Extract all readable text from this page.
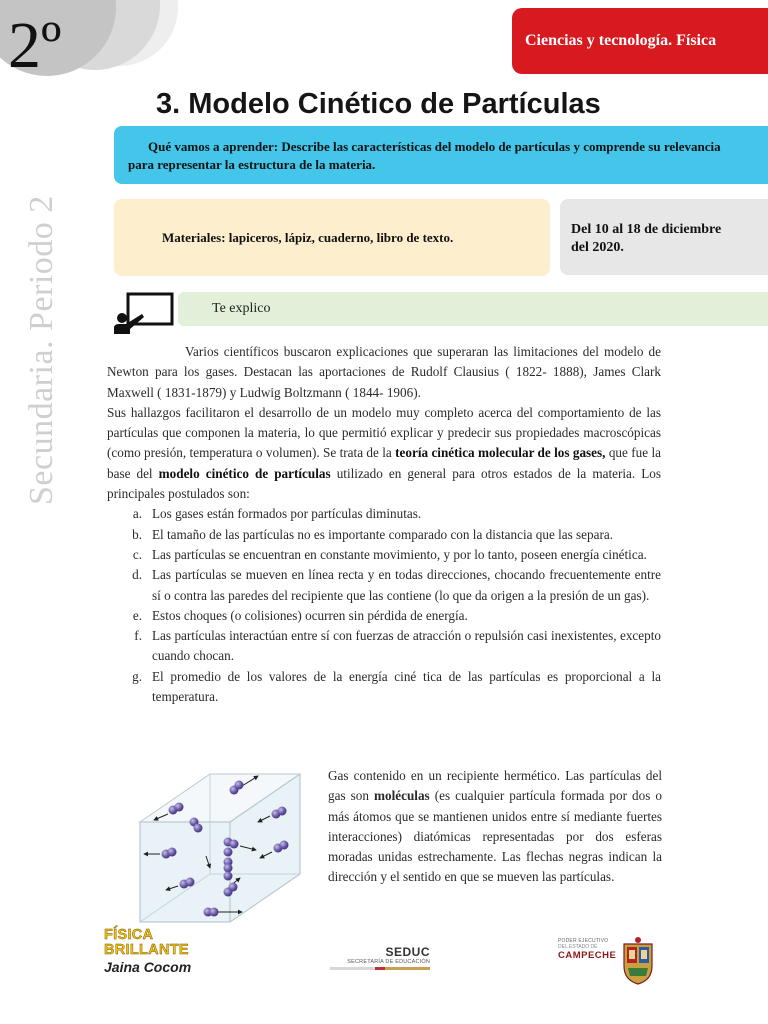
2º	Ciencias y tecnología. Física
Secundaria. Periodo 2
3. Modelo Cinético de Partículas
Qué vamos a aprender: Describe las características del modelo de partículas y comprende su relevancia
para representar la estructura de la materia.
Materiales: lapiceros, lápiz, cuaderno, libro de texto.	Del 10 al 18 de diciembre
del 2020.
Te explico

Varios científicos buscaron explicaciones que superaran las limitaciones del modelo de Newton para los gases. Destacan las aportaciones de Rudolf Clausius ( 1822- 1888), James Clark Maxwell ( 1831-1879) y Ludwig Boltzmann ( 1844- 1906).

Sus hallazgos facilitaron el desarrollo de un modelo muy completo acerca del comportamiento de las partículas que componen la materia, lo que permitió explicar y predecir sus propiedades macroscópicas (como presión, temperatura o volumen). Se trata de la teoría cinética molecular de los gases, que fue la base del modelo cinético de partículas utilizado en general para otros estados de la materia. Los principales postulados son:

a. Los gases están formados por partículas diminutas.
b. El tamaño de las partículas no es importante comparado con la distancia que las separa.
c. Las partículas se encuentran en constante movimiento, y por lo tanto, poseen energía cinética.
d. Las partículas se mueven en línea recta y en todas direcciones, chocando frecuentemente entre sí o contra las paredes del recipiente que las contiene (lo que da origen a la presión de un gas).
e. Estos choques (o colisiones) ocurren sin pérdida de energía.
f. Las partículas interactúan entre sí con fuerzas de atracción o repulsión casi inexistentes, excepto cuando chocan.
g. El promedio de los valores de la energía ciné tica de las partículas es proporcional a la temperatura.
Gas contenido en un recipiente hermético. Las partículas del gas son moléculas (es cualquier partícula formada por dos o más átomos que se mantienen unidos entre sí mediante fuertes interacciones) diatómicas representadas por dos esferas moradas unidas estrechamente. Las flechas negras indican la dirección y el sentido en que se mueven las partículas.
FÍSICA
BRILLANTE
Jaina Cocom
SEDUC
SECRETARÍA DE EDUCACIÓN
PODER EJECUTIVO
DEL ESTADO DE
CAMPECHE
